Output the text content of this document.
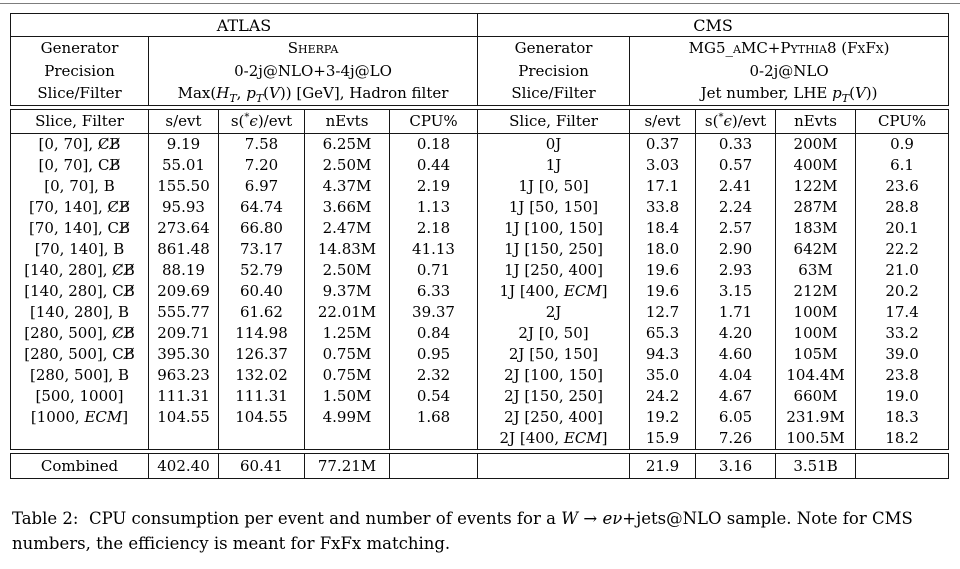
ATLAS					CMS				
Generator	Sherpa				Generator	MG5_aMC+Pythia8 (FxFx)			
Precision	0-2j@NLO+3-4j@LO				Precision	0-2j@NLO			
Slice/Filter	$Max(H_T$, $p_T(V)$) [GeV], Hadron filter				Slice/Filter	Jet number, LHE $p_T(V)$)			

Slice, Filter	s/evt	s(*ϵ)/evt	nEvts	CPU%	Slice, Filter	s/evt	s(*ϵ)/evt	nEvts	CPU%
[0, 70], C̸B̸	9.19	7.58	6.25M	0.18	0J	0.37	0.33	200M	0.9
[0, 70], CB̸	55.01	7.20	2.50M	0.44	1J	3.03	0.57	400M	6.1
[0, 70], B	155.50	6.97	4.37M	2.19	1J [0, 50]	17.1	2.41	122M	23.6
[70, 140], C̸B̸	95.93	64.74	3.66M	1.13	1J [50, 150]	33.8	2.24	287M	28.8
[70, 140], CB̸	273.64	66.80	2.47M	2.18	1J [100, 150]	18.4	2.57	183M	20.1
[70, 140], B	861.48	73.17	14.83M	41.13	1J [150, 250]	18.0	2.90	642M	22.2
[140, 280], C̸B̸	88.19	52.79	2.50M	0.71	1J [250, 400]	19.6	2.93	63M	21.0
[140, 280], CB̸	209.69	60.40	9.37M	6.33	1J [400, ECM]	19.6	3.15	212M	20.2
[140, 280], B	555.77	61.62	22.01M	39.37	2J	12.7	1.71	100M	17.4
[280, 500], C̸B̸	209.71	114.98	1.25M	0.84	2J [0, 50]	65.3	4.20	100M	33.2
[280, 500], CB̸	395.30	126.37	0.75M	0.95	2J [50, 150]	94.3	4.60	105M	39.0
[280, 500], B	963.23	132.02	0.75M	2.32	2J [100, 150]	35.0	4.04	104.4M	23.8
[500, 1000]	111.31	111.31	1.50M	0.54	2J [150, 250]	24.2	4.67	660M	19.0
[1000, ECM]	104.55	104.55	4.99M	1.68	2J [250, 400]	19.2	6.05	231.9M	18.3
					2J [400, ECM]	15.9	7.26	100.5M	18.2

Combined	402.40	60.41	77.21M			21.9	3.16	3.51B	

Table 2:  CPU consumption per event and number of events for a W → eν+jets@NLO sample. Note for CMS numbers, the efficiency is meant for FxFx matching.
